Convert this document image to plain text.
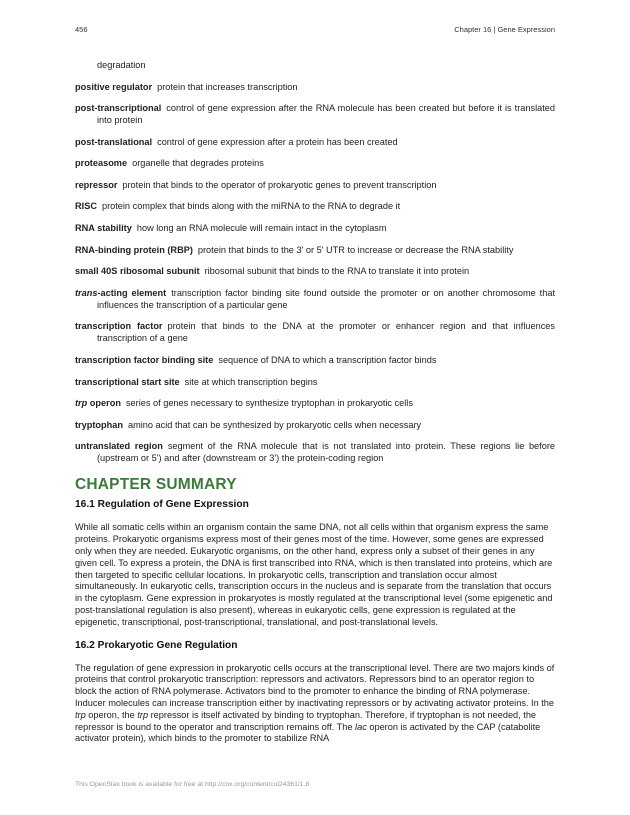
456	Chapter 16 | Gene Expression
degradation
positive regulator protein that increases transcription
post-transcriptional control of gene expression after the RNA molecule has been created but before it is translated into protein
post-translational control of gene expression after a protein has been created
proteasome organelle that degrades proteins
repressor protein that binds to the operator of prokaryotic genes to prevent transcription
RISC protein complex that binds along with the miRNA to the RNA to degrade it
RNA stability how long an RNA molecule will remain intact in the cytoplasm
RNA-binding protein (RBP) protein that binds to the 3' or 5' UTR to increase or decrease the RNA stability
small 40S ribosomal subunit ribosomal subunit that binds to the RNA to translate it into protein
trans-acting element transcription factor binding site found outside the promoter or on another chromosome that influences the transcription of a particular gene
transcription factor protein that binds to the DNA at the promoter or enhancer region and that influences transcription of a gene
transcription factor binding site sequence of DNA to which a transcription factor binds
transcriptional start site site at which transcription begins
trp operon series of genes necessary to synthesize tryptophan in prokaryotic cells
tryptophan amino acid that can be synthesized by prokaryotic cells when necessary
untranslated region segment of the RNA molecule that is not translated into protein. These regions lie before (upstream or 5') and after (downstream or 3') the protein-coding region
CHAPTER SUMMARY
16.1 Regulation of Gene Expression

While all somatic cells within an organism contain the same DNA, not all cells within that organism express the same proteins. Prokaryotic organisms express most of their genes most of the time. However, some genes are expressed only when they are needed. Eukaryotic organisms, on the other hand, express only a subset of their genes in any given cell. To express a protein, the DNA is first transcribed into RNA, which is then translated into proteins, which are then targeted to specific cellular locations. In prokaryotic cells, transcription and translation occur almost simultaneously. In eukaryotic cells, transcription occurs in the nucleus and is separate from the translation that occurs in the cytoplasm. Gene expression in prokaryotes is mostly regulated at the transcriptional level (some epigenetic and post-translational regulation is also present), whereas in eukaryotic cells, gene expression is regulated at the epigenetic, transcriptional, post-transcriptional, translational, and post-translational levels.

16.2 Prokaryotic Gene Regulation

The regulation of gene expression in prokaryotic cells occurs at the transcriptional level. There are two majors kinds of proteins that control prokaryotic transcription: repressors and activators. Repressors bind to an operator region to block the action of RNA polymerase. Activators bind to the promoter to enhance the binding of RNA polymerase. Inducer molecules can increase transcription either by inactivating repressors or by activating activator proteins. In the trp operon, the trp repressor is itself activated by binding to tryptophan. Therefore, if tryptophan is not needed, the repressor is bound to the operator and transcription remains off. The lac operon is activated by the CAP (catabolite activator protein), which binds to the promoter to stabilize RNA

This OpenStax book is available for free at http://cnx.org/content/col24361/1.8
